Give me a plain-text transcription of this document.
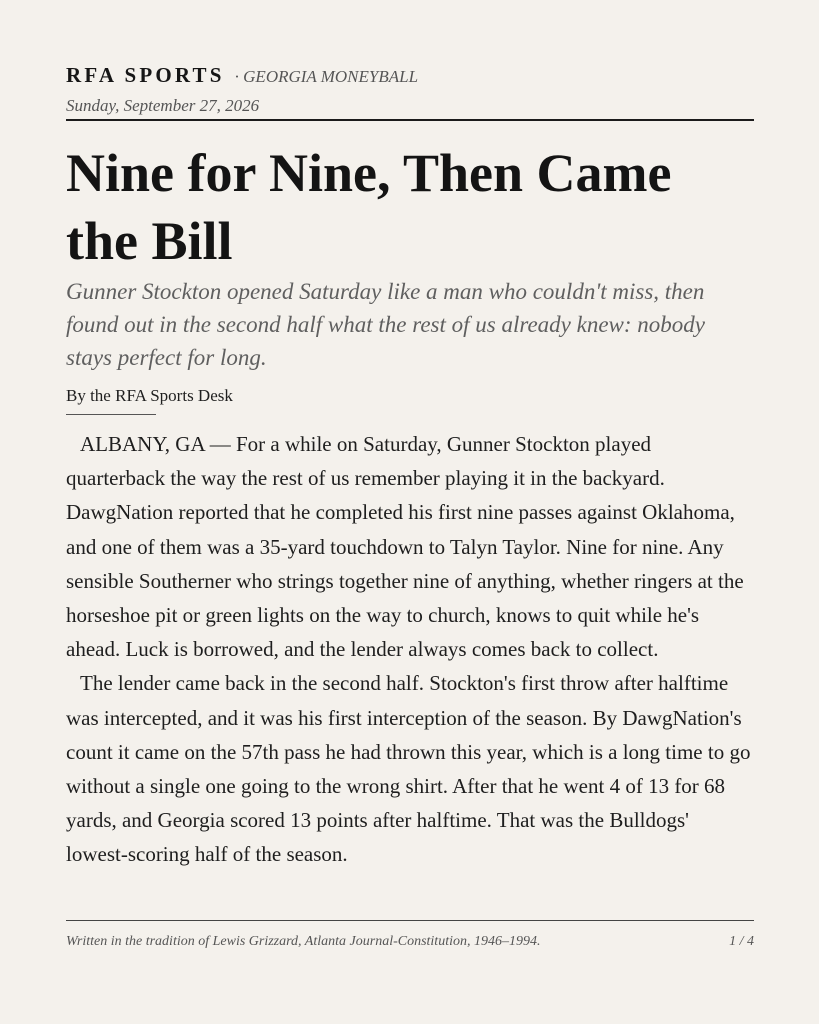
RFA SPORTS · GEORGIA MONEYBALL
Sunday, September 27, 2026
Nine for Nine, Then Came the Bill

Gunner Stockton opened Saturday like a man who couldn't miss, then found out in the second half what the rest of us already knew: nobody stays perfect for long.

By the RFA Sports Desk

ALBANY, GA — For a while on Saturday, Gunner Stockton played quarterback the way the rest of us remember playing it in the backyard. DawgNation reported that he completed his first nine passes against Oklahoma, and one of them was a 35-yard touchdown to Talyn Taylor. Nine for nine. Any sensible Southerner who strings together nine of anything, whether ringers at the horseshoe pit or green lights on the way to church, knows to quit while he's ahead. Luck is borrowed, and the lender always comes back to collect.

The lender came back in the second half. Stockton's first throw after halftime was intercepted, and it was his first interception of the season. By DawgNation's count it came on the 57th pass he had thrown this year, which is a long time to go without a single one going to the wrong shirt. After that he went 4 of 13 for 68 yards, and Georgia scored 13 points after halftime. That was the Bulldogs' lowest-scoring half of the season.

Written in the tradition of Lewis Grizzard, Atlanta Journal-Constitution, 1946–1994.	1 / 4
